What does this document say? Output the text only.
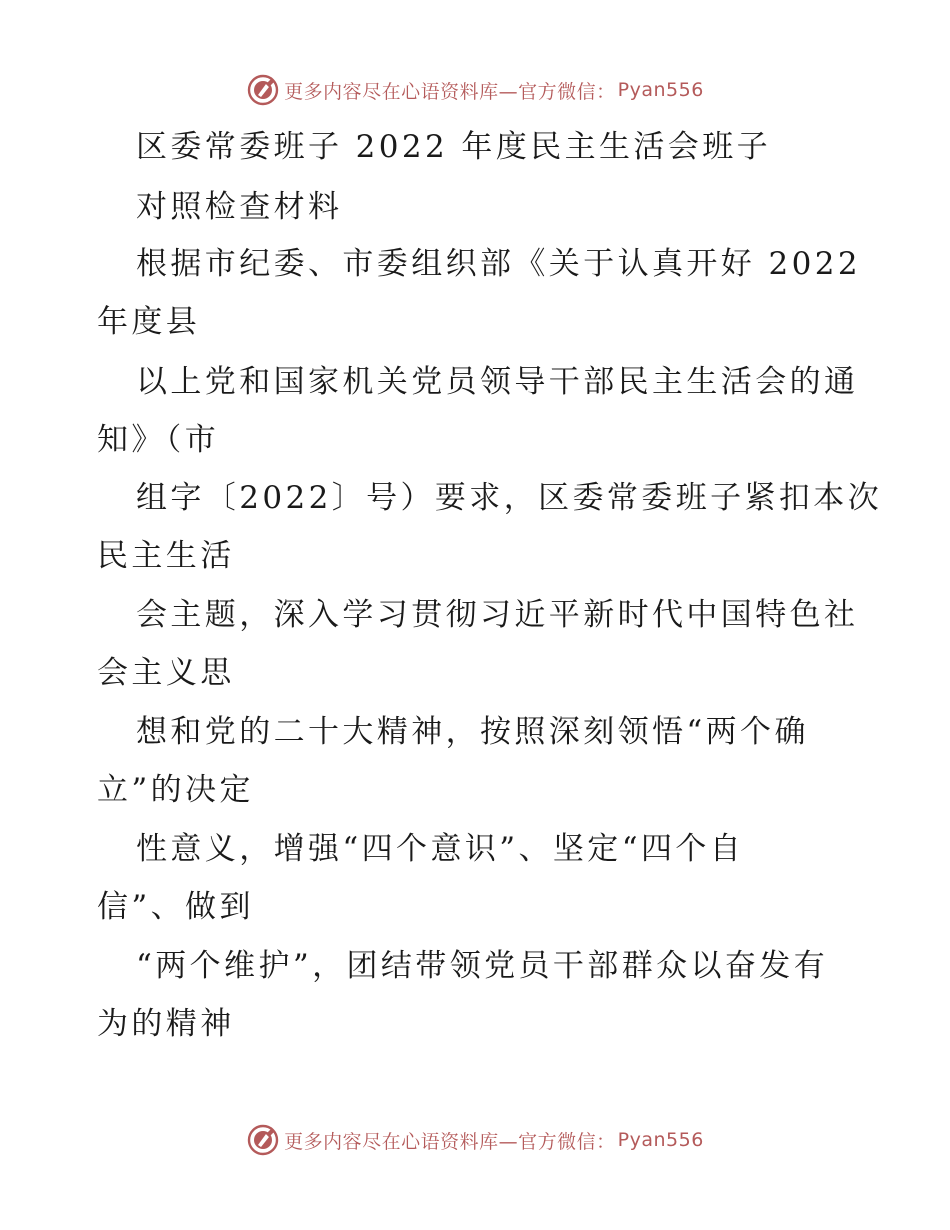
更多内容尽在心语资料库—官方微信： Pyan556
区委常委班子 2022 年度民主生活会班子
对照检查材料
根据市纪委、市委组织部《关于认真开好 2022
年度县
以上党和国家机关党员领导干部民主生活会的通
知》（市
组字〔2022〕号）要求，区委常委班子紧扣本次
民主生活
会主题，深入学习贯彻习近平新时代中国特色社
会主义思
想和党的二十大精神，按照深刻领悟“两个确
立”的决定
性意义，增强“四个意识”、坚定“四个自
信”、做到
“两个维护”，团结带领党员干部群众以奋发有
为的精神
更多内容尽在心语资料库—官方微信： Pyan556
